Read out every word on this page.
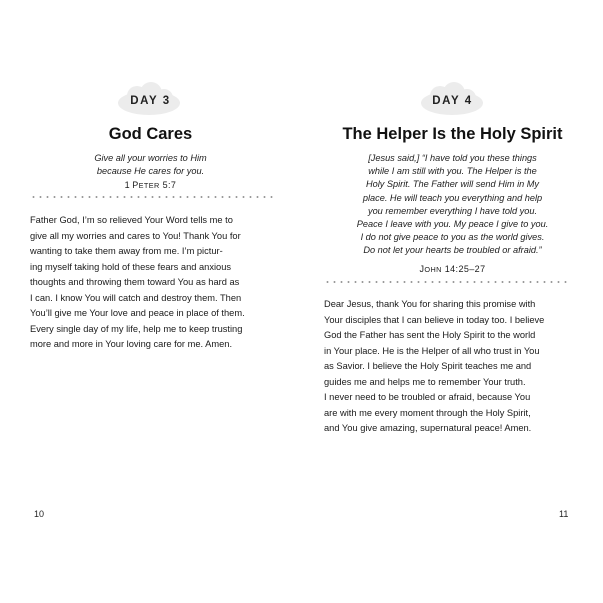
DAY 3
God Cares
Give all your worries to Him
because He cares for you.
1 PETER 5:7
Father God, I’m so relieved Your Word tells me to
give all my worries and cares to You! Thank You for
wanting to take them away from me. I’m pictur-
ing myself taking hold of these fears and anxious
thoughts and throwing them toward You as hard as
I can. I know You will catch and destroy them. Then
You’ll give me Your love and peace in place of them.
Every single day of my life, help me to keep trusting
more and more in Your loving care for me. Amen.
10
DAY 4
The Helper Is the Holy Spirit
[Jesus said,] “I have told you these things
while I am still with you. The Helper is the
Holy Spirit. The Father will send Him in My
place. He will teach you everything and help
you remember everything I have told you.
Peace I leave with you. My peace I give to you.
I do not give peace to you as the world gives.
Do not let your hearts be troubled or afraid.”
JOHN 14:25–27
Dear Jesus, thank You for sharing this promise with
Your disciples that I can believe in today too. I believe
God the Father has sent the Holy Spirit to the world
in Your place. He is the Helper of all who trust in You
as Savior. I believe the Holy Spirit teaches me and
guides me and helps me to remember Your truth.
I never need to be troubled or afraid, because You
are with me every moment through the Holy Spirit,
and You give amazing, supernatural peace! Amen.
11
